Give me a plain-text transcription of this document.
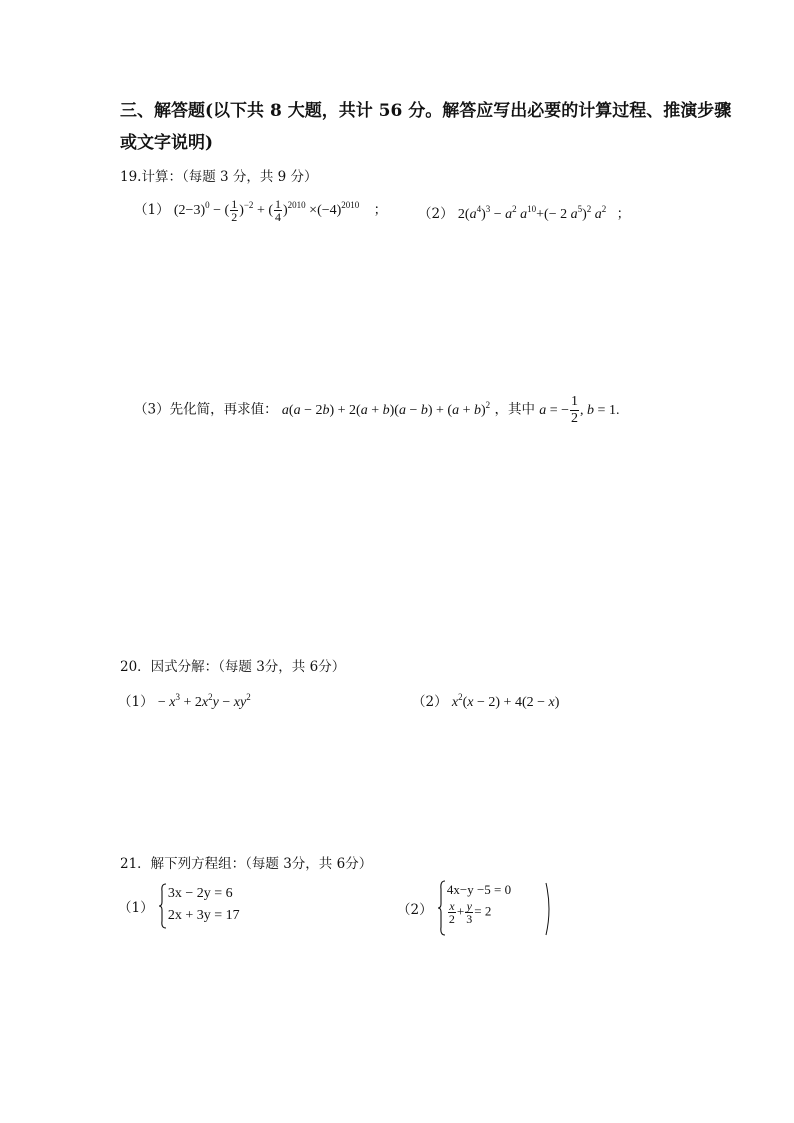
三、解答题(以下共 8 大题，共计 56 分。解答应写出必要的计算过程、推演步骤
或文字说明)
19.计算：（每题 3 分，共 9 分）
（1） $(2-3)^0$ − ( $\frac{1}{2} )^{-2}$ + ( $\frac{1}{4} )^{2010} \times(-4)^{2010}$ ； （2） $2(a^4)^3 - a^2$ $a^{10}+(- 2$ $a^5)^2$ $a^2$ ；
（3）先化简，再求值： $a(a - 2b) + 2(a + b)(a - b) + (a + b)^2$ ，其中 a = − $\frac{1}{2}$ , b = 1.
20．因式分解：（每题 3分，共 6分）
$(1) - x^3 + 2x^2y - xy^2$	（2） $x^2(x - 2) + 4(2 - x)$
21．解下列方程组：（每题 3分，共 6分）
（1）
3x − 2y = 6
2x + 3y = 17	（2）
4x−y −5 = 0
$\frac{x}{2} + \frac{y}{3} = 2$
